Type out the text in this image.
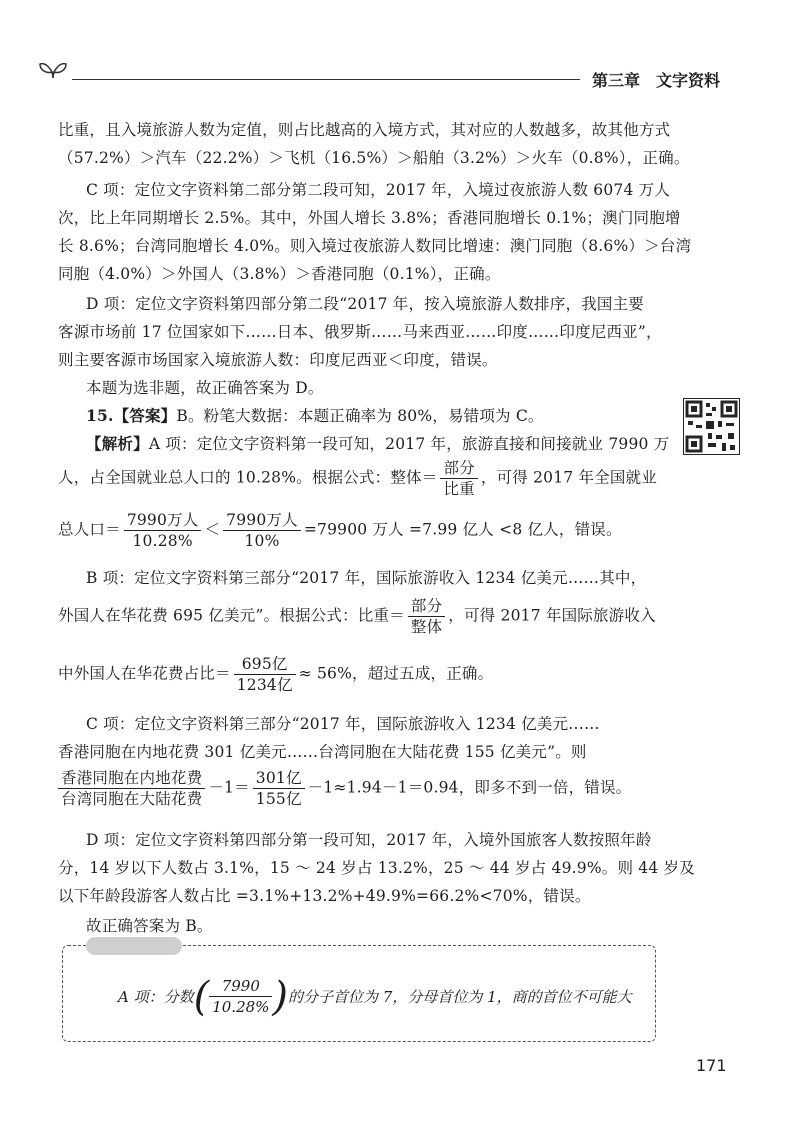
第三章　文字资料
比重，且入境旅游人数为定值，则占比越高的入境方式，其对应的人数越多，故其他方式
（57.2%）＞汽车（22.2%）＞飞机（16.5%）＞船舶（3.2%）＞火车（0.8%），正确。
C 项：定位文字资料第二部分第二段可知，2017 年，入境过夜旅游人数 6074 万人
次，比上年同期增长 2.5%。其中，外国人增长 3.8%；香港同胞增长 0.1%；澳门同胞增
长 8.6%；台湾同胞增长 4.0%。则入境过夜旅游人数同比增速：澳门同胞（8.6%）＞台湾
同胞（4.0%）＞外国人（3.8%）＞香港同胞（0.1%），正确。
D 项：定位文字资料第四部分第二段“2017 年，按入境旅游人数排序，我国主要
客源市场前 17 位国家如下……日本、俄罗斯……马来西亚……印度……印度尼西亚”，
则主要客源市场国家入境旅游人数：印度尼西亚＜印度，错误。
本题为选非题，故正确答案为 D。
15.【答案】B。粉笔大数据：本题正确率为 80%，易错项为 C。
【解析】A 项：定位文字资料第一段可知，2017 年，旅游直接和间接就业 7990 万
人，占全国就业总人口的 10.28%。根据公式：整体＝ $\frac{\text{部分}}{\text{比重}}$ ，可得 2017 年全国就业
总人口＝ $\frac{\text{7990万人}}{10.28\%} < \frac{\text{7990万人}}{10\%} =79900$ 万人 =7.99 亿人 <8 亿人，错误。
B 项：定位文字资料第三部分“2017 年，国际旅游收入 1234 亿美元……其中，
外国人在华花费 695 亿美元”。根据公式：比重＝ $\frac{\text{部分}}{\text{整体}}$ ，可得 2017 年国际旅游收入
中外国人在华花费占比＝ $\frac{\text{695亿}}{\text{1234亿}} \approx 56\%$，超过五成，正确。
C 项：定位文字资料第三部分“2017 年，国际旅游收入 1234 亿美元……
香港同胞在内地花费 301 亿美元……台湾同胞在大陆花费 155 亿美元”。则
$\frac{\text{香港同胞在内地花费}}{\text{台湾同胞在大陆花费}} -1= \frac{\text{301亿}}{\text{155亿}} -1\approx 1.94-1=0.94$，即多不到一倍，错误。
D 项：定位文字资料第四部分第一段可知，2017 年，入境外国旅客人数按照年龄
分，14 岁以下人数占 3.1%，15 ～ 24 岁占 13.2%，25 ～ 44 岁占 49.9%。则 44 岁及
以下年龄段游客人数占比 =3.1%+13.2%+49.9%=66.2%<70%，错误。
故正确答案为 B。
A 项：分数( $\frac{7990}{10.28\%}$ )的分子首位为 7，分母首位为 1，商的首位不可能大
171
